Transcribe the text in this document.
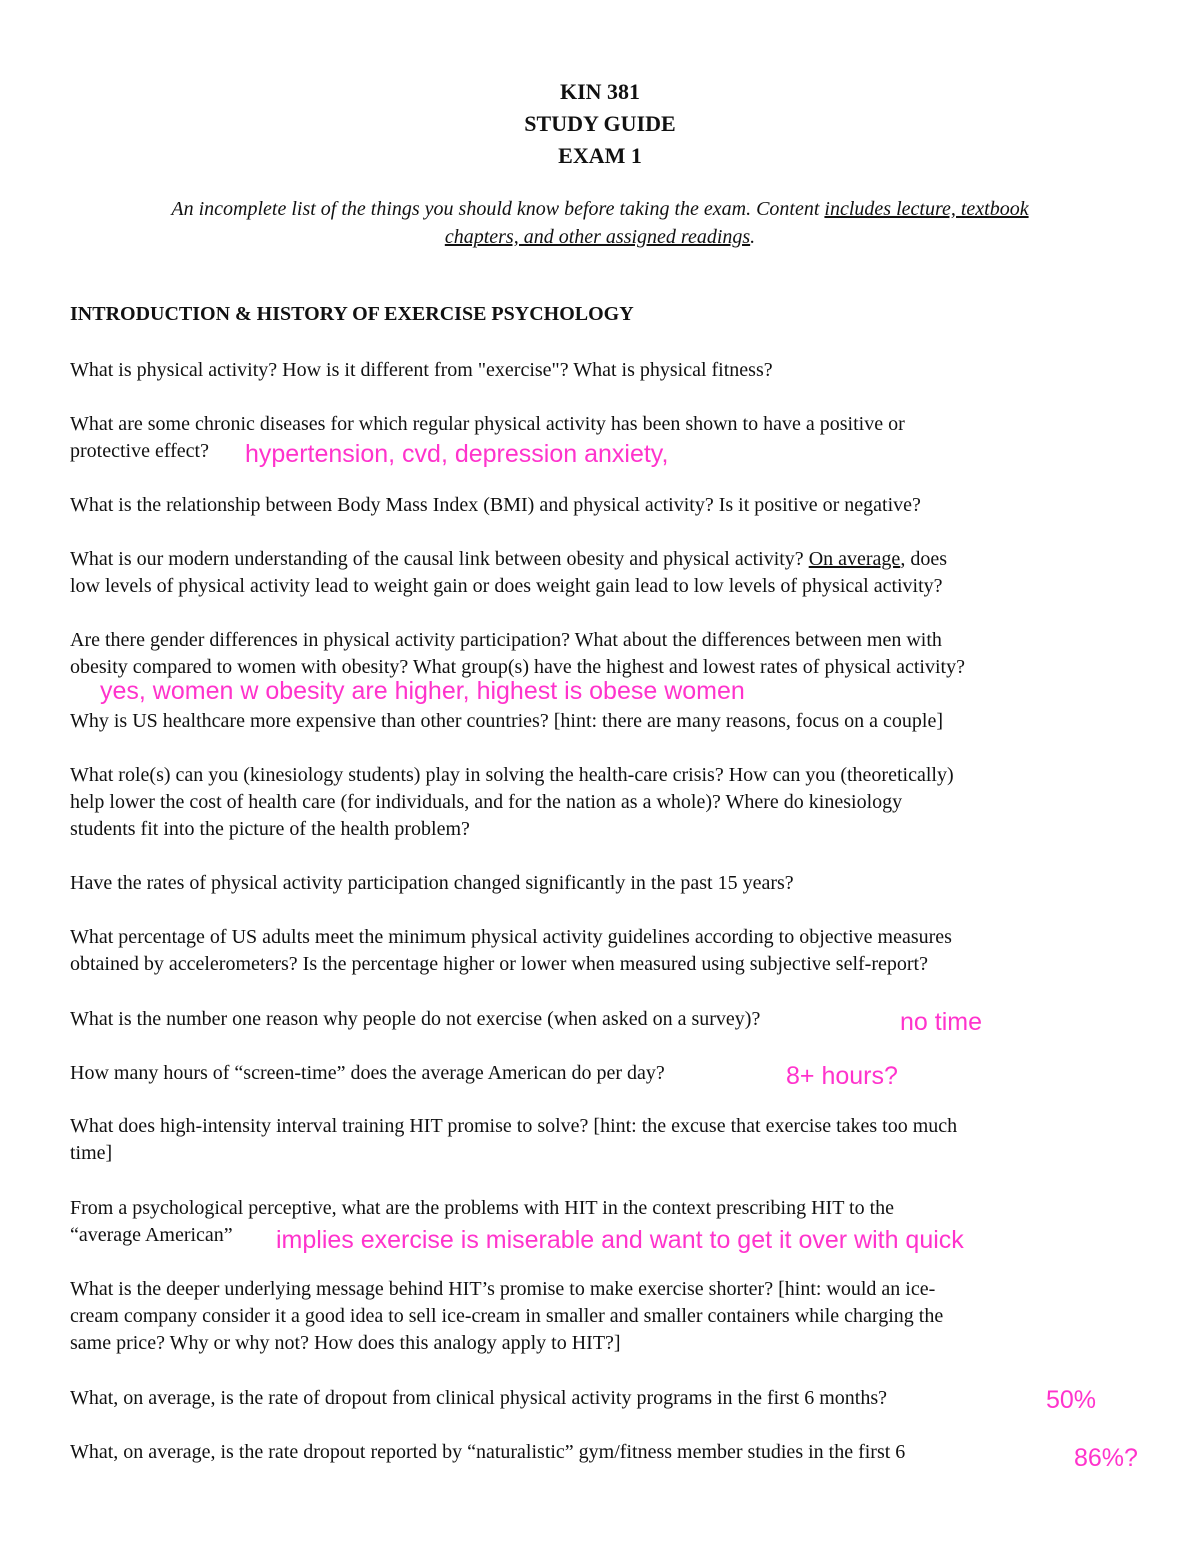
KIN 381
STUDY GUIDE
EXAM 1
An incomplete list of the things you should know before taking the exam. Content includes lecture, textbook
chapters, and other assigned readings.
INTRODUCTION & HISTORY OF EXERCISE PSYCHOLOGY
What is physical activity? How is it different from "exercise"? What is physical fitness?
What are some chronic diseases for which regular physical activity has been shown to have a positive or
protective effect?	hypertension, cvd, depression anxiety,
What is the relationship between Body Mass Index (BMI) and physical activity? Is it positive or negative?
What is our modern understanding of the causal link between obesity and physical activity? On average, does
low levels of physical activity lead to weight gain or does weight gain lead to low levels of physical activity?
Are there gender differences in physical activity participation? What about the differences between men with
obesity compared to women with obesity? What group(s) have the highest and lowest rates of physical activity?
yes, women w obesity are higher, highest is obese women
Why is US healthcare more expensive than other countries? [hint: there are many reasons, focus on a couple]
What role(s) can you (kinesiology students) play in solving the health-care crisis? How can you (theoretically)
help lower the cost of health care (for individuals, and for the nation as a whole)? Where do kinesiology
students fit into the picture of the health problem?
Have the rates of physical activity participation changed significantly in the past 15 years?
What percentage of US adults meet the minimum physical activity guidelines according to objective measures
obtained by accelerometers? Is the percentage higher or lower when measured using subjective self-report?
What is the number one reason why people do not exercise (when asked on a survey)?	no time
How many hours of “screen-time” does the average American do per day?	8+ hours?
What does high-intensity interval training HIT promise to solve? [hint: the excuse that exercise takes too much
time]
From a psychological perceptive, what are the problems with HIT in the context prescribing HIT to the
“average American”	implies exercise is miserable and want to get it over with quick
What is the deeper underlying message behind HIT’s promise to make exercise shorter? [hint: would an ice-
cream company consider it a good idea to sell ice-cream in smaller and smaller containers while charging the
same price? Why or why not? How does this analogy apply to HIT?]
What, on average, is the rate of dropout from clinical physical activity programs in the first 6 months?	50%
What, on average, is the rate dropout reported by “naturalistic” gym/fitness member studies in the first 6	86%?
